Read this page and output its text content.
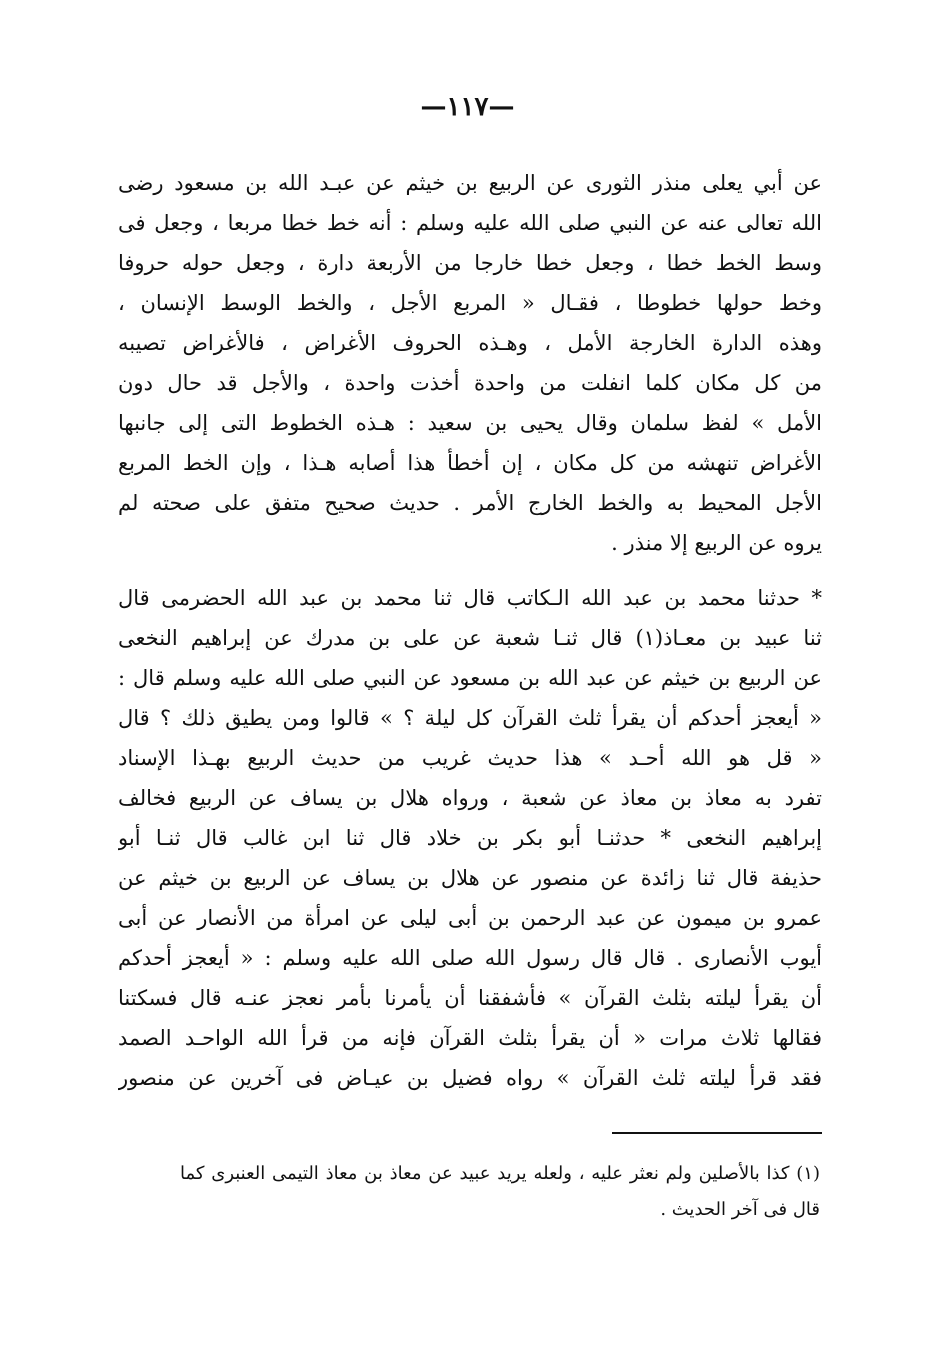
—١١٧—
عن أبي يعلى منذر الثورى عن الربيع بن خيثم عن عبـد الله بن مسعود رضى
الله تعالى عنه عن النبي صلى الله عليه وسلم : أنه خط خطا مربعا ، وجعل فى
وسط الخط خطا ، وجعل خطا خارجا من الأربعة دارة ، وجعل حوله حروفا
وخط حولها خطوطا ، فقـال « المربع الأجل ، والخط الوسط الإنسان ،
وهذه الدارة الخارجة الأمل ، وهـذه الحروف الأغراض ، فالأغراض تصيبه
من كل مكان كلما انفلت من واحدة أخذت واحدة ، والأجل قد حال دون
الأمل » لفظ سلمان وقال يحيى بن سعيد : هـذه الخطوط التى إلى جانبها
الأغراض تنهشه من كل مكان ، إن أخطأ هذا أصابه هـذا ، وإن الخط المربع
الأجل المحيط به والخط الخارج الأمر . حديث صحيح متفق على صحته لم
يروه عن الربيع إلا منذر .
* حدثنا محمد بن عبد الله الـكاتب قال ثنا محمد بن عبد الله الحضرمى قال
ثنا عبيد بن معـاذ(١) قال ثنـا شعبة عن على بن مدرك عن إبراهيم النخعى
عن الربيع بن خيثم عن عبد الله بن مسعود عن النبي صلى الله عليه وسلم قال :
« أيعجز أحدكم أن يقرأ ثلث القرآن كل ليلة ؟ » قالوا ومن يطيق ذلك ؟ قال
« قل هو الله أحـد » هذا حديث غريب من حديث الربيع بهـذا الإسناد
تفرد به معاذ بن معاذ عن شعبة ، ورواه هلال بن يساف عن الربيع فخالف
إبراهيم النخعى * حدثنـا أبو بكر بن خلاد قال ثنا ابن غالب قال ثنـا أبو
حذيفة قال ثنا زائدة عن منصور عن هلال بن يساف عن الربيع بن خيثم عن
عمرو بن ميمون عن عبد الرحمن بن أبى ليلى عن امرأة من الأنصار عن أبى
أيوب الأنصارى . قال قال رسول الله صلى الله عليه وسلم : « أيعجز أحدكم
أن يقرأ ليلته بثلث القرآن » فأشفقنا أن يأمرنا بأمر نعجز عنـه قال فسكتنا
فقالها ثلاث مرات « أن يقرأ بثلث القرآن فإنه من قرأ الله الواحـد الصمد
فقد قرأ ليلته ثلث القرآن » رواه فضيل بن عيـاض فى آخرين عن منصور
(١) كذا بالأصلين ولم نعثر عليه ، ولعله يريد عبيد عن معاذ بن معاذ التيمى العنبرى كما
قال فى آخر الحديث .
